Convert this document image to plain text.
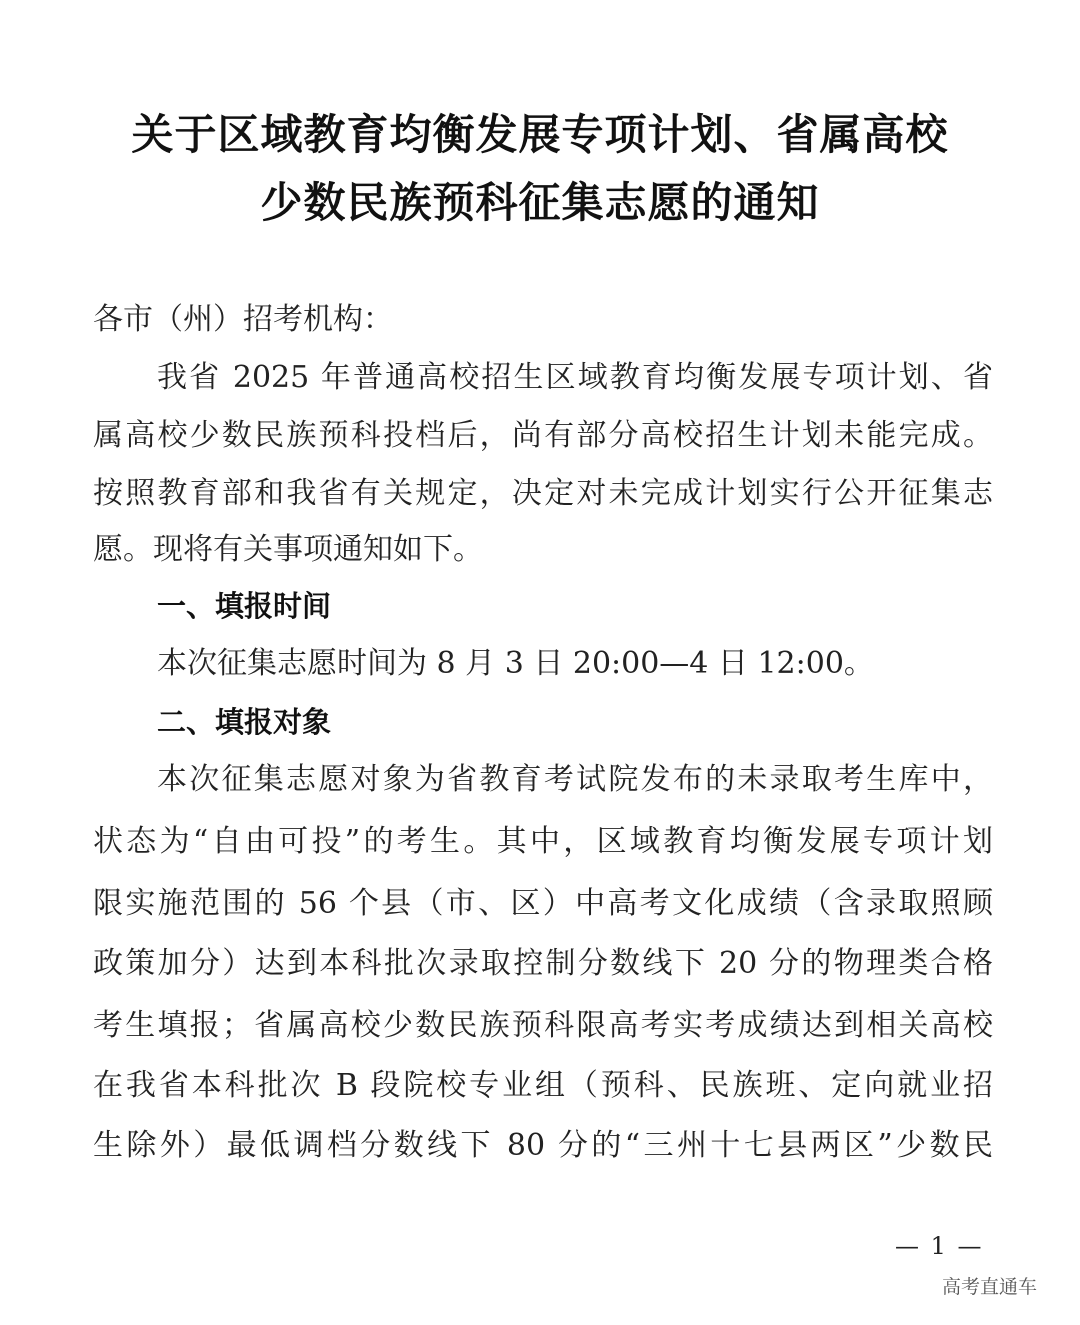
关于区域教育均衡发展专项计划、省属高校
少数民族预科征集志愿的通知
各市（州）招考机构：
我省 2025 年普通高校招生区域教育均衡发展专项计划、省
属高校少数民族预科投档后，尚有部分高校招生计划未能完成。
按照教育部和我省有关规定，决定对未完成计划实行公开征集志
愿。现将有关事项通知如下。
一、填报时间
本次征集志愿时间为 8 月 3 日 20:00—4 日 12:00。
二、填报对象
本次征集志愿对象为省教育考试院发布的未录取考生库中，
状态为“自由可投”的考生。其中，区域教育均衡发展专项计划
限实施范围的 56 个县（市、区）中高考文化成绩（含录取照顾
政策加分）达到本科批次录取控制分数线下 20 分的物理类合格
考生填报；省属高校少数民族预科限高考实考成绩达到相关高校
在我省本科批次 B 段院校专业组（预科、民族班、定向就业招
生除外）最低调档分数线下 80 分的“三州十七县两区”少数民
— 1 —
高考直通车
